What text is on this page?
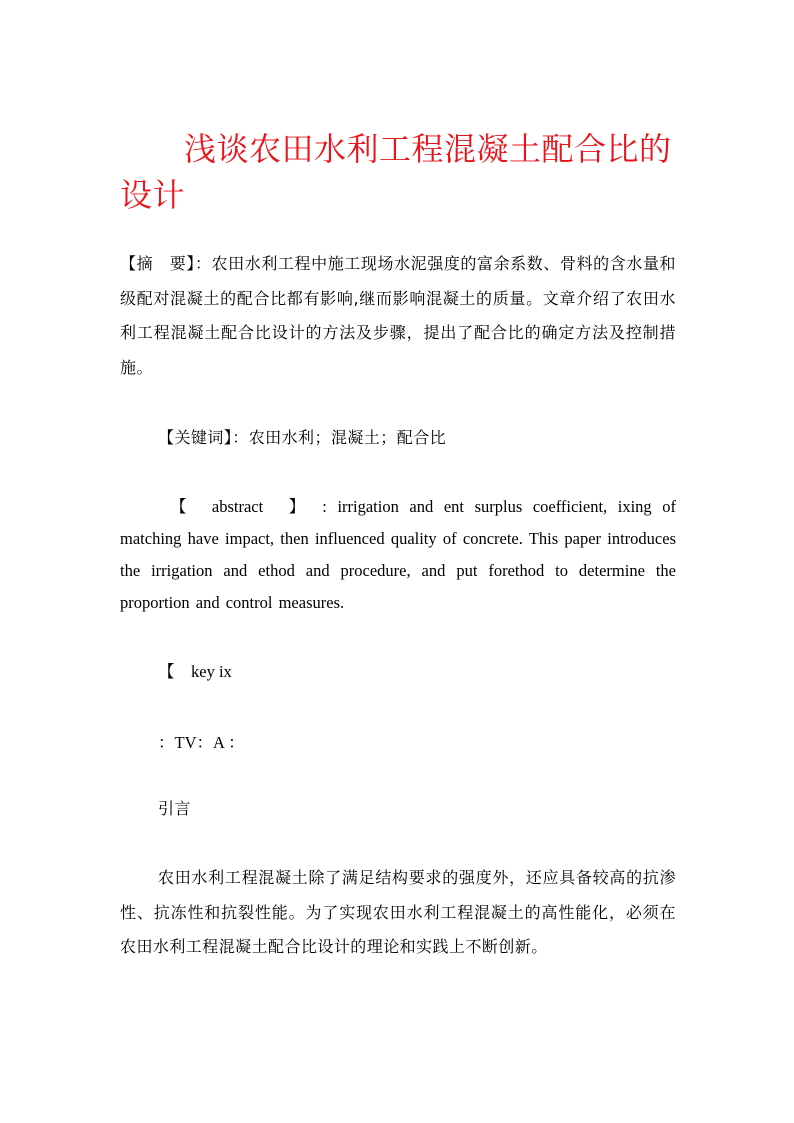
浅谈农田水利工程混凝土配合比的设计

【摘　要】：农田水利工程中施工现场水泥强度的富余系数、骨料的含水量和级配对混凝土的配合比都有影响,继而影响混凝土的质量。文章介绍了农田水利工程混凝土配合比设计的方法及步骤，提出了配合比的确定方法及控制措施。

【关键词】：农田水利；混凝土；配合比

【　abstract　】　: irrigation and ent surplus coefficient, ixing of matching have impact, then influenced quality of concrete. This paper introduces the irrigation and ethod and procedure, and put forethod to determine the proportion and control measures.

【　key ix

：TV：A ：

引言

农田水利工程混凝土除了满足结构要求的强度外，还应具备较高的抗渗性、抗冻性和抗裂性能。为了实现农田水利工程混凝土的高性能化，必须在农田水利工程混凝土配合比设计的理论和实践上不断创新。
